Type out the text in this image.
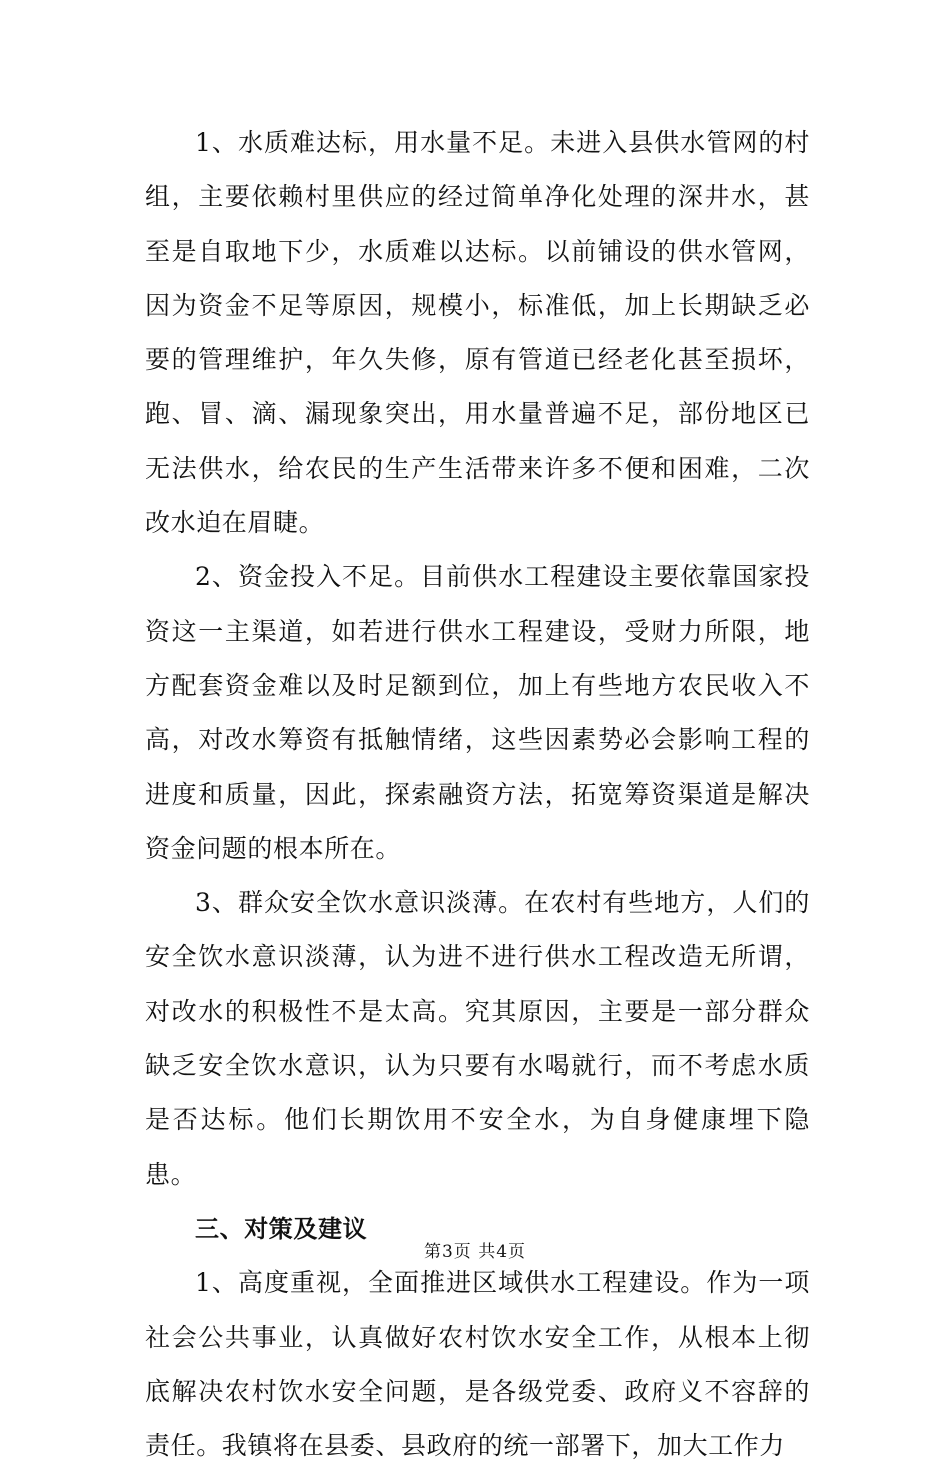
1、水质难达标，用水量不足。未进入县供水管网的村组，主要依赖村里供应的经过简单净化处理的深井水，甚至是自取地下少，水质难以达标。以前铺设的供水管网，因为资金不足等原因，规模小，标准低，加上长期缺乏必要的管理维护，年久失修，原有管道已经老化甚至损坏，跑、冒、滴、漏现象突出，用水量普遍不足，部份地区已无法供水，给农民的生产生活带来许多不便和困难，二次改水迫在眉睫。

2、资金投入不足。目前供水工程建设主要依靠国家投资这一主渠道，如若进行供水工程建设，受财力所限，地方配套资金难以及时足额到位，加上有些地方农民收入不高，对改水筹资有抵触情绪，这些因素势必会影响工程的进度和质量，因此，探索融资方法，拓宽筹资渠道是解决资金问题的根本所在。

3、群众安全饮水意识淡薄。在农村有些地方，人们的安全饮水意识淡薄，认为进不进行供水工程改造无所谓，对改水的积极性不是太高。究其原因，主要是一部分群众缺乏安全饮水意识，认为只要有水喝就行，而不考虑水质是否达标。他们长期饮用不安全水，为自身健康埋下隐患。

三、对策及建议

1、高度重视，全面推进区域供水工程建设。作为一项社会公共事业，认真做好农村饮水安全工作，从根本上彻底解决农村饮水安全问题，是各级党委、政府义不容辞的责任。我镇将在县委、县政府的统一部署下，加大工作力

第3页 共4页
